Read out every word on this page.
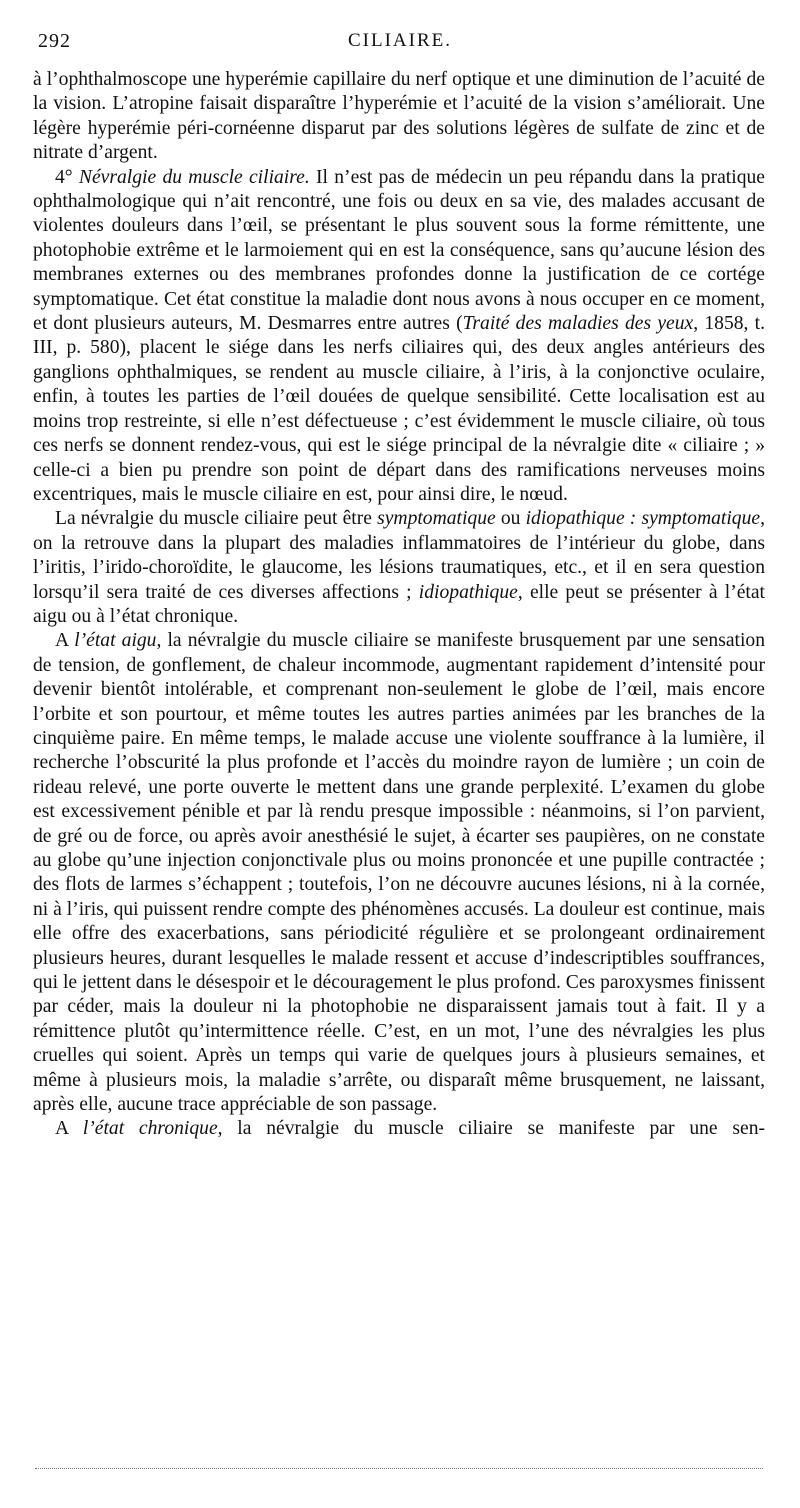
292	CILIAIRE.

à l’ophthalmoscope une hyperémie capillaire du nerf optique et une diminution de l’acuité de la vision. L’atropine faisait disparaître l’hyperémie et l’acuité de la vision s’améliorait. Une légère hyperémie péri-cornéenne disparut par des solutions légères de sulfate de zinc et de nitrate d’argent.

4° Névralgie du muscle ciliaire. Il n’est pas de médecin un peu répandu dans la pratique ophthalmologique qui n’ait rencontré, une fois ou deux en sa vie, des malades accusant de violentes douleurs dans l’œil, se présentant le plus souvent sous la forme rémittente, une photophobie extrême et le larmoiement qui en est la conséquence, sans qu’aucune lésion des membranes externes ou des membranes profondes donne la justification de ce cortége symptomatique. Cet état constitue la maladie dont nous avons à nous occuper en ce moment, et dont plusieurs auteurs, M. Desmarres entre autres (Traité des maladies des yeux, 1858, t. III, p. 580), placent le siége dans les nerfs ciliaires qui, des deux angles antérieurs des ganglions ophthalmiques, se rendent au muscle ciliaire, à l’iris, à la conjonctive oculaire, enfin, à toutes les parties de l’œil douées de quelque sensibilité. Cette localisation est au moins trop restreinte, si elle n’est défectueuse ; c’est évidemment le muscle ciliaire, où tous ces nerfs se donnent rendez-vous, qui est le siége principal de la névralgie dite « ciliaire ; » celle-ci a bien pu prendre son point de départ dans des ramifications nerveuses moins excentriques, mais le muscle ciliaire en est, pour ainsi dire, le nœud.

La névralgie du muscle ciliaire peut être symptomatique ou idiopathique : symptomatique, on la retrouve dans la plupart des maladies inflammatoires de l’intérieur du globe, dans l’iritis, l’irido-choroïdite, le glaucome, les lésions traumatiques, etc., et il en sera question lorsqu’il sera traité de ces diverses affections ; idiopathique, elle peut se présenter à l’état aigu ou à l’état chronique.

A l’état aigu, la névralgie du muscle ciliaire se manifeste brusquement par une sensation de tension, de gonflement, de chaleur incommode, augmentant rapidement d’intensité pour devenir bientôt intolérable, et comprenant non-seulement le globe de l’œil, mais encore l’orbite et son pourtour, et même toutes les autres parties animées par les branches de la cinquième paire. En même temps, le malade accuse une violente souffrance à la lumière, il recherche l’obscurité la plus profonde et l’accès du moindre rayon de lumière ; un coin de rideau relevé, une porte ouverte le mettent dans une grande perplexité. L’examen du globe est excessivement pénible et par là rendu presque impossible : néanmoins, si l’on parvient, de gré ou de force, ou après avoir anesthésié le sujet, à écarter ses paupières, on ne constate au globe qu’une injection conjonctivale plus ou moins prononcée et une pupille contractée ; des flots de larmes s’échappent ; toutefois, l’on ne découvre aucunes lésions, ni à la cornée, ni à l’iris, qui puissent rendre compte des phénomènes accusés. La douleur est continue, mais elle offre des exacerbations, sans périodicité régulière et se prolongeant ordinairement plusieurs heures, durant lesquelles le malade ressent et accuse d’indescriptibles souffrances, qui le jettent dans le désespoir et le découragement le plus profond. Ces paroxysmes finissent par céder, mais la douleur ni la photophobie ne disparaissent jamais tout à fait. Il y a rémittence plutôt qu’intermittence réelle. C’est, en un mot, l’une des névralgies les plus cruelles qui soient. Après un temps qui varie de quelques jours à plusieurs semaines, et même à plusieurs mois, la maladie s’arrête, ou disparaît même brusquement, ne laissant, après elle, aucune trace appréciable de son passage.

A l’état chronique, la névralgie du muscle ciliaire se manifeste par une sen-
